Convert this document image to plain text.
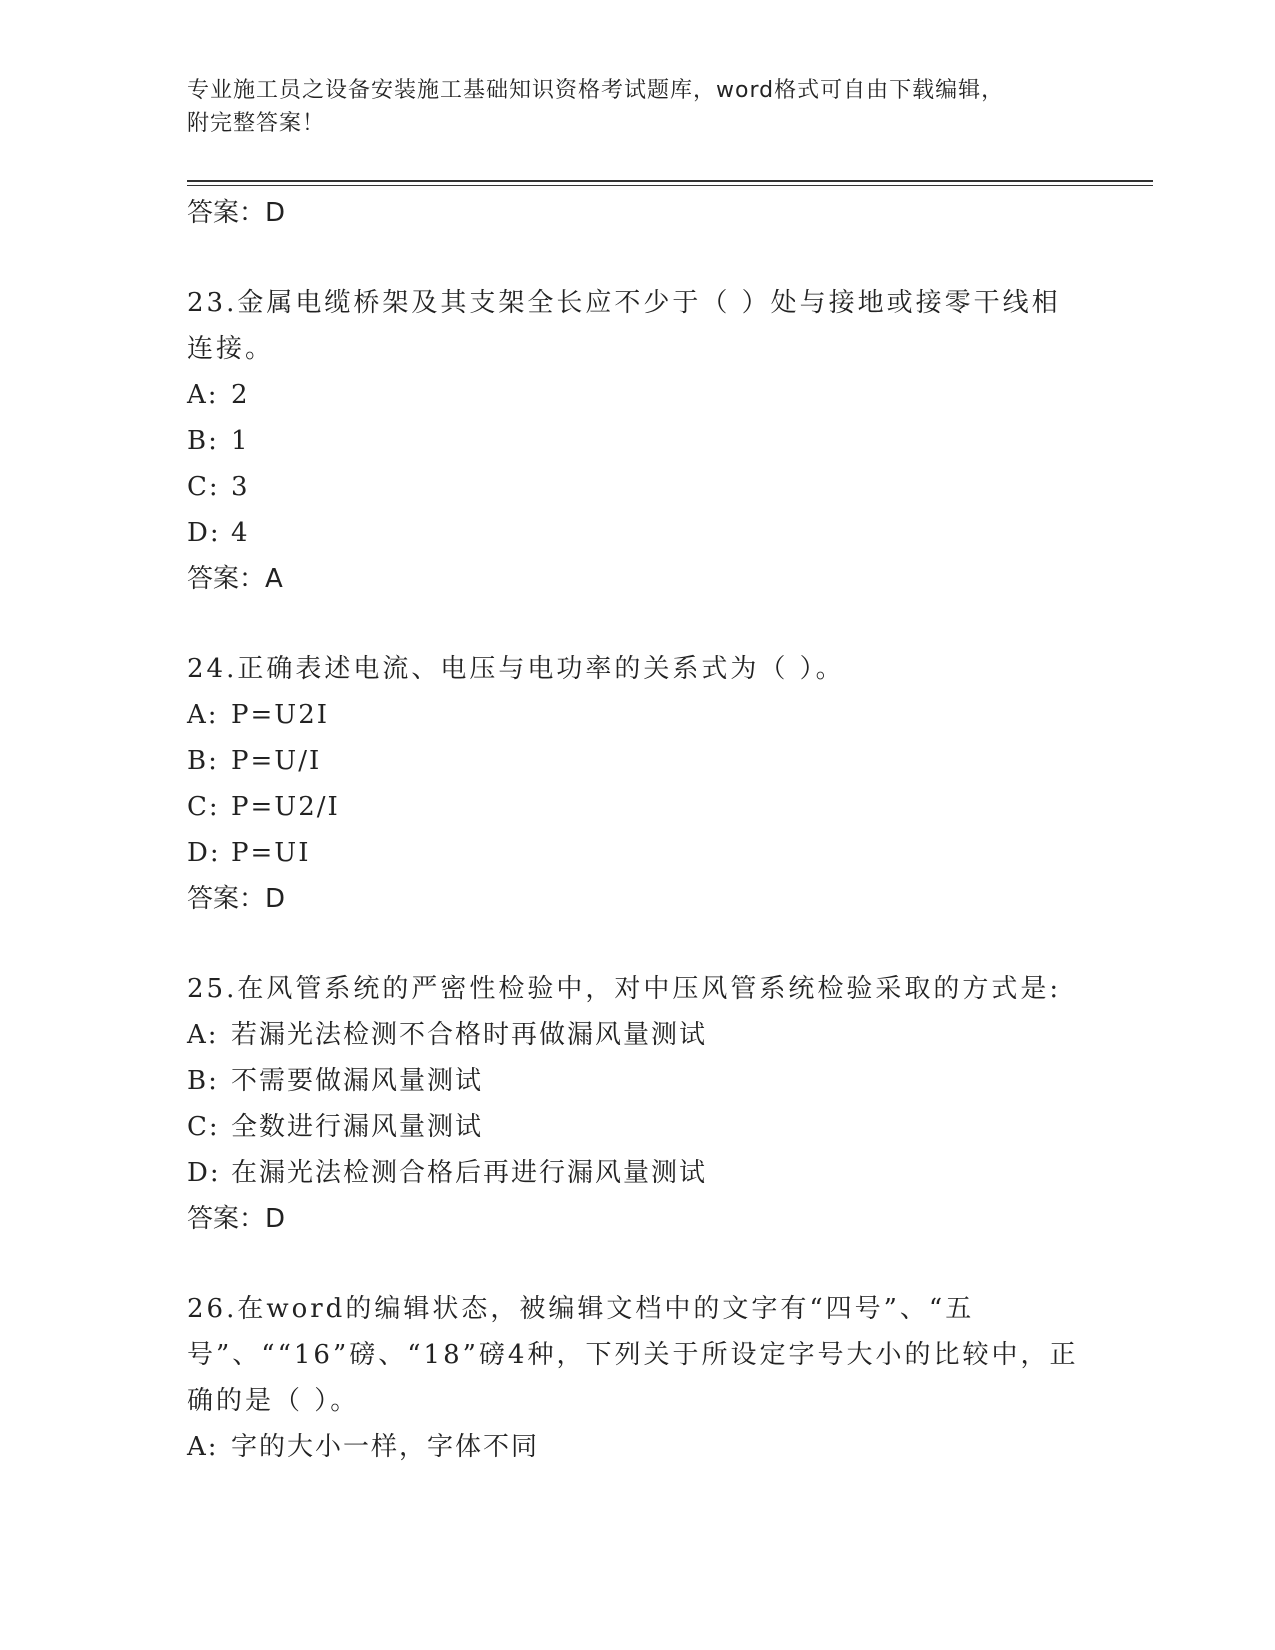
专业施工员之设备安装施工基础知识资格考试题库，word格式可自由下载编辑，
附完整答案！
答案：D
23.金属电缆桥架及其支架全长应不少于（ ）处与接地或接零干线相连接。
A: 2
B: 1
C: 3
D: 4
答案：A
24.正确表述电流、电压与电功率的关系式为（ ）。
A: P=U2I
B: P=U/I
C: P=U2/I
D: P=UI
答案：D
25.在风管系统的严密性检验中，对中压风管系统检验采取的方式是:
A: 若漏光法检测不合格时再做漏风量测试
B: 不需要做漏风量测试
C: 全数进行漏风量测试
D: 在漏光法检测合格后再进行漏风量测试
答案：D
26.在word的编辑状态，被编辑文档中的文字有“四号”、“五号”、““16”磅、“18”磅4种，下列关于所设定字号大小的比较中，正确的是（ ）。
A: 字的大小一样，字体不同
